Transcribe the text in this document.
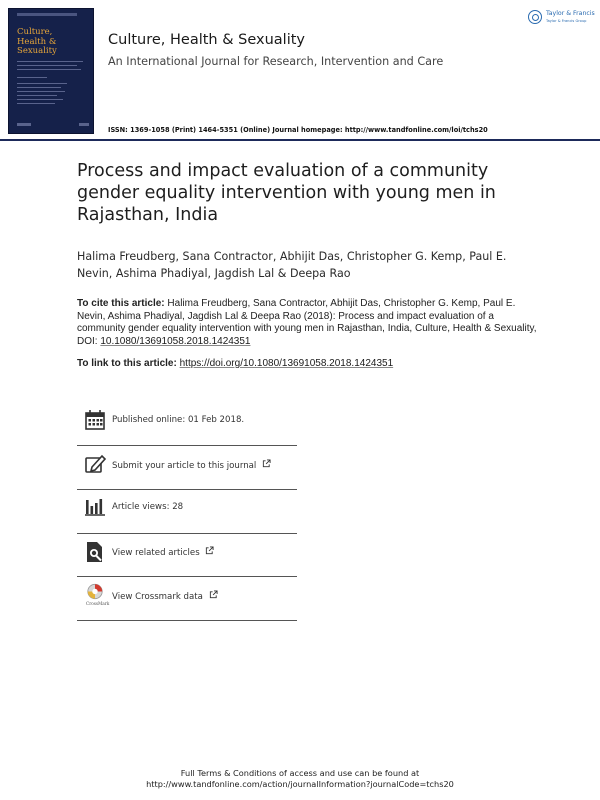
Culture,
Health &
Sexuality
Culture, Health & Sexuality
An International Journal for Research, Intervention and Care
ISSN: 1369-1058 (Print) 1464-5351 (Online) Journal homepage: http://www.tandfonline.com/loi/tchs20
Taylor & Francis
Taylor & Francis Group
Process and impact evaluation of a community gender equality intervention with young men in Rajasthan, India
Halima Freudberg, Sana Contractor, Abhijit Das, Christopher G. Kemp, Paul E. Nevin, Ashima Phadiyal, Jagdish Lal & Deepa Rao
To cite this article: Halima Freudberg, Sana Contractor, Abhijit Das, Christopher G. Kemp, Paul E. Nevin, Ashima Phadiyal, Jagdish Lal & Deepa Rao (2018): Process and impact evaluation of a community gender equality intervention with young men in Rajasthan, India, Culture, Health & Sexuality, DOI: 10.1080/13691058.2018.1424351
To link to this article: https://doi.org/10.1080/13691058.2018.1424351
Published online: 01 Feb 2018.
Submit your article to this journal
Article views: 28
View related articles
CrossMark
View Crossmark data
Full Terms & Conditions of access and use can be found at
http://www.tandfonline.com/action/journalInformation?journalCode=tchs20
